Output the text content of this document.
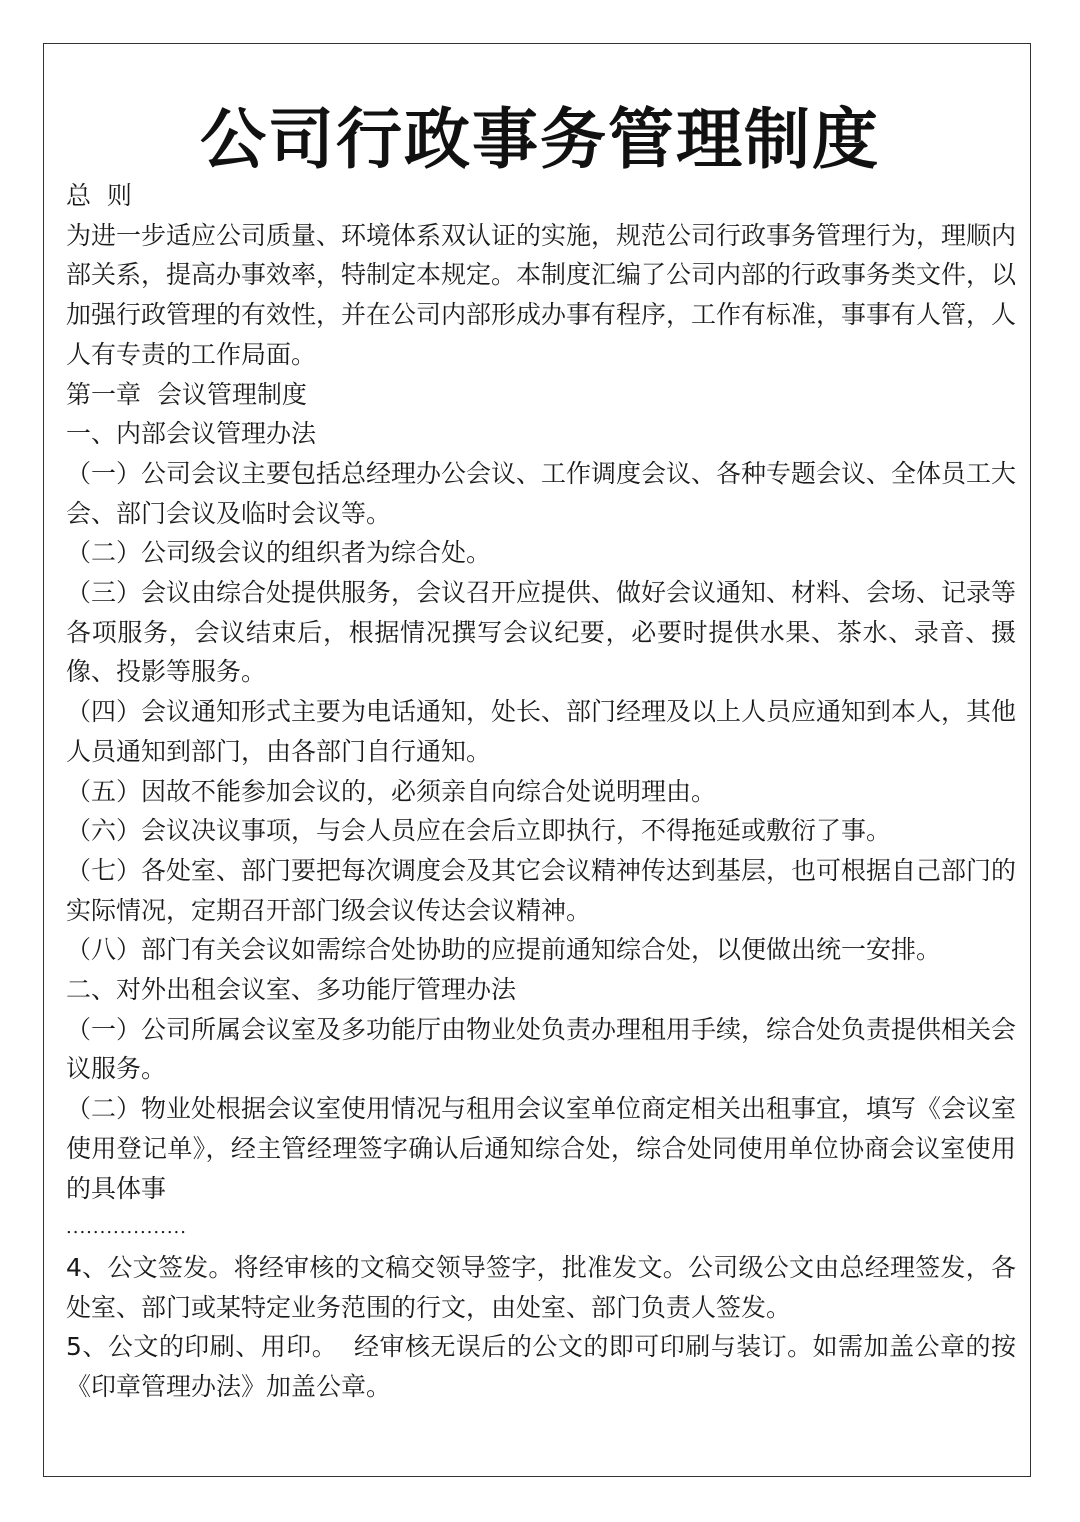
公司行政事务管理制度

总  则

为进一步适应公司质量、环境体系双认证的实施，规范公司行政事务管理行为，理顺内部关系，提高办事效率，特制定本规定。本制度汇编了公司内部的行政事务类文件，以加强行政管理的有效性，并在公司内部形成办事有程序，工作有标准，事事有人管，人人有专责的工作局面。

第一章  会议管理制度

一、内部会议管理办法

（一）公司会议主要包括总经理办公会议、工作调度会议、各种专题会议、全体员工大会、部门会议及临时会议等。

（二）公司级会议的组织者为综合处。

（三）会议由综合处提供服务，会议召开应提供、做好会议通知、材料、会场、记录等各项服务，会议结束后，根据情况撰写会议纪要，必要时提供水果、茶水、录音、摄像、投影等服务。

（四）会议通知形式主要为电话通知，处长、部门经理及以上人员应通知到本人，其他人员通知到部门，由各部门自行通知。

（五）因故不能参加会议的，必须亲自向综合处说明理由。

（六）会议决议事项，与会人员应在会后立即执行，不得拖延或敷衍了事。

（七）各处室、部门要把每次调度会及其它会议精神传达到基层，也可根据自己部门的实际情况，定期召开部门级会议传达会议精神。

（八）部门有关会议如需综合处协助的应提前通知综合处，以便做出统一安排。

二、对外出租会议室、多功能厅管理办法

（一）公司所属会议室及多功能厅由物业处负责办理租用手续，综合处负责提供相关会议服务。

（二）物业处根据会议室使用情况与租用会议室单位商定相关出租事宜，填写《会议室使用登记单》，经主管经理签字确认后通知综合处，综合处同使用单位协商会议室使用的具体事

..................

4、公文签发。将经审核的文稿交领导签字，批准发文。公司级公文由总经理签发，各处室、部门或某特定业务范围的行文，由处室、部门负责人签发。

5、公文的印刷、用印。  经审核无误后的公文的即可印刷与装订。如需加盖公章的按《印章管理办法》加盖公章。
